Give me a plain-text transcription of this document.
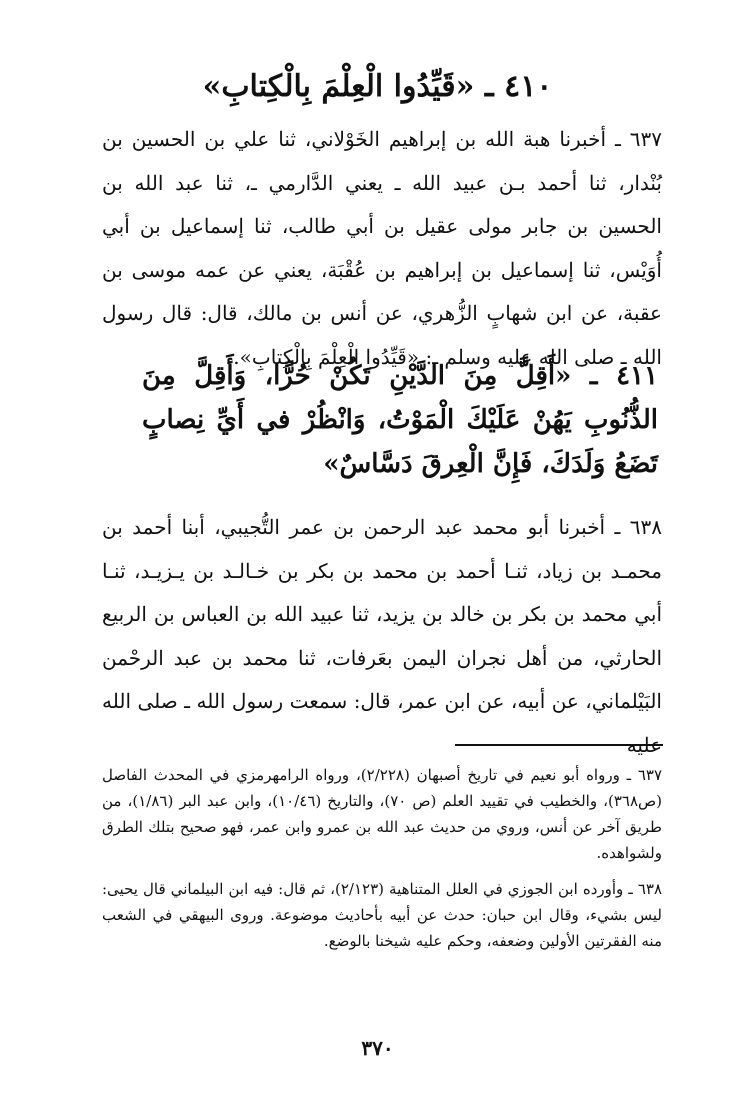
٤١٠ ـ «قَيِّدُوا الْعِلْمَ بِالْكِتابِ»

٦٣٧ ـ أخبرنا هبة الله بن إبراهيم الخَوْلاني، ثنا علي بن الحسين بن بُنْدار، ثنا أحمد بـن عبيد الله ـ يعني الدَّارمي ـ، ثنا عبد الله بن الحسين بن جابر مولى عقيل بن أبي طالب، ثنا إسماعيل بن أبي أُوَيْس، ثنا إسماعيل بن إبراهيم بن عُقْبَة، يعني عن عمه موسى بن عقبة، عن ابن شهابٍ الزُّهري، عن أنس بن مالك، قال: قال رسول الله ـ صلى الله عليه وسلم ـ: «قَيِّدُوا الْعِلْمَ بِالْكِتابِ».

٤١١ ـ «أَقِلَّ مِنَ الدَّيْنِ تَكُنْ حُرًّا، وَأَقِلَّ مِنَ الذُّنُوبِ يَهُنْ عَلَيْكَ الْمَوْتُ، وَانْظُرْ في أَيِّ نِصابٍ تَضَعُ وَلَدَكَ، فَإِنَّ الْعِرقَ دَسَّاسٌ»

٦٣٨ ـ أخبرنا أبو محمد عبد الرحمن بن عمر التُّجيبي، أبنا أحمد بن محمـد بن زياد، ثنـا أحمد بن محمد بن بكر بن خـالـد بن يـزيـد، ثنـا أبي محمد بن بكر بن خالد بن يزيد، ثنا عبيد الله بن العباس بن الربيع الحارثي، من أهل نجران اليمن بعَرفات، ثنا محمد بن عبد الرحْمن البَيْلماني، عن أبيه، عن ابن عمر، قال: سمعت رسول الله ـ صلى الله عليه

٦٣٧ ـ ورواه أبو نعيم في تاريخ أصبهان (٢/٢٢٨)، ورواه الرامهرمزي في المحدث الفاصل (ص٣٦٨)، والخطيب في تقييد العلم (ص ٧٠)، والتاريخ (١٠/٤٦)، وابن عبد البر (١/٨٦)، من طريق آخر عن أنس، وروي من حديث عبد الله بن عمرو وابن عمر، فهو صحيح بتلك الطرق ولشواهده.

٦٣٨ ـ وأورده ابن الجوزي في العلل المتناهية (٢/١٢٣)، ثم قال: فيه ابن البيلماني قال يحيى: ليس بشيء، وقال ابن حبان: حدث عن أبيه بأحاديث موضوعة. وروى البيهقي في الشعب منه الفقرتين الأولين وضعفه، وحكم عليه شيخنا بالوضع.

٣٧٠
